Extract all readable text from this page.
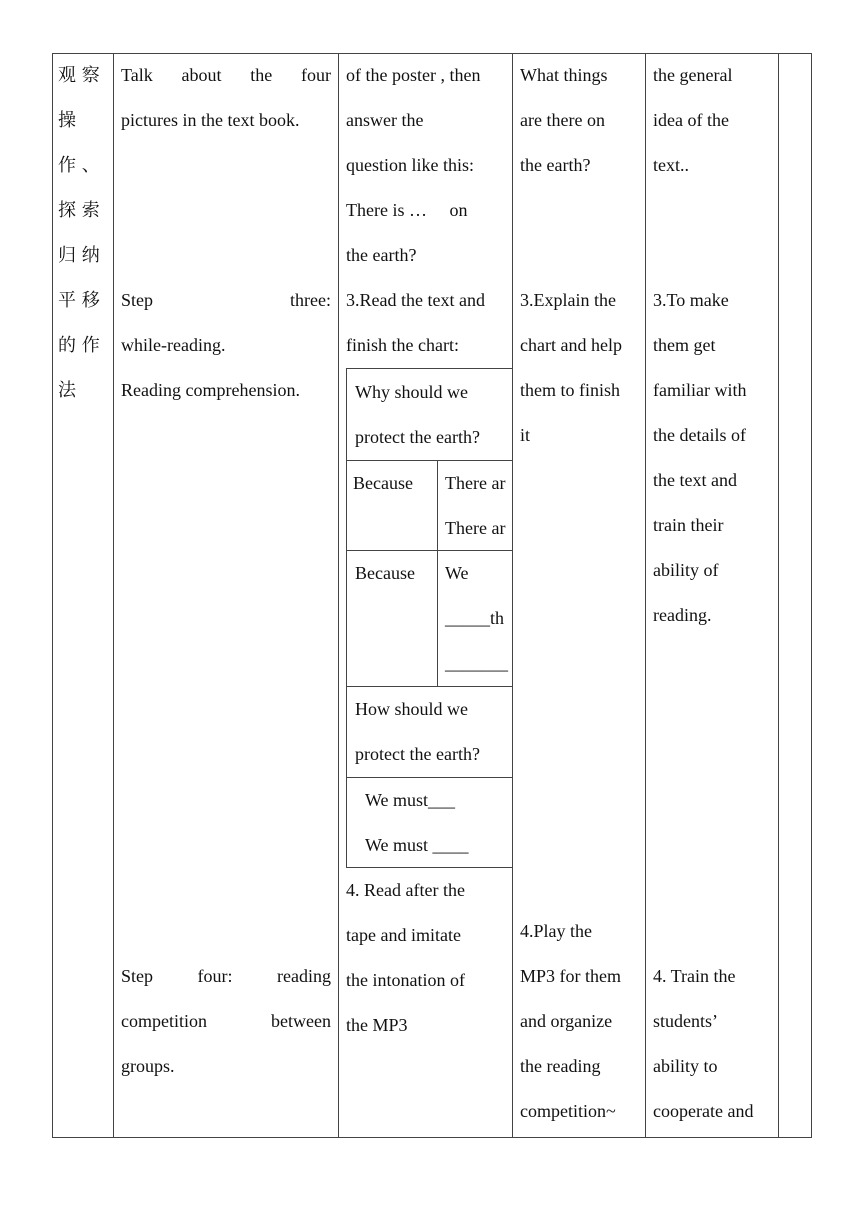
观 察
操
作 、
探 索
归 纳
平 移
的 作
法
Talk about the four
pictures in the text book.
Step	three:
while-reading.
Reading comprehension.
Step four: reading
competition	between
groups.
of the poster , then
answer the
question like this:
There is …     on
the earth?
3.Read the text and
finish the chart:
Why should we
protect the earth?
Because There ar
There ar
Because We
_____th
_______
How should we
protect the earth?
We must___
We must ____
4. Read after the
tape and imitate
the intonation of
the MP3
What things
are there on
the earth?
3.Explain the
chart and help
them to finish
it
4.Play the
MP3 for them
and organize
the reading
competition~
the general
idea of the
text..
3.To make
them get
familiar with
the details of
the text and
train their
ability of
reading.
4. Train the
students’
ability to
cooperate and
